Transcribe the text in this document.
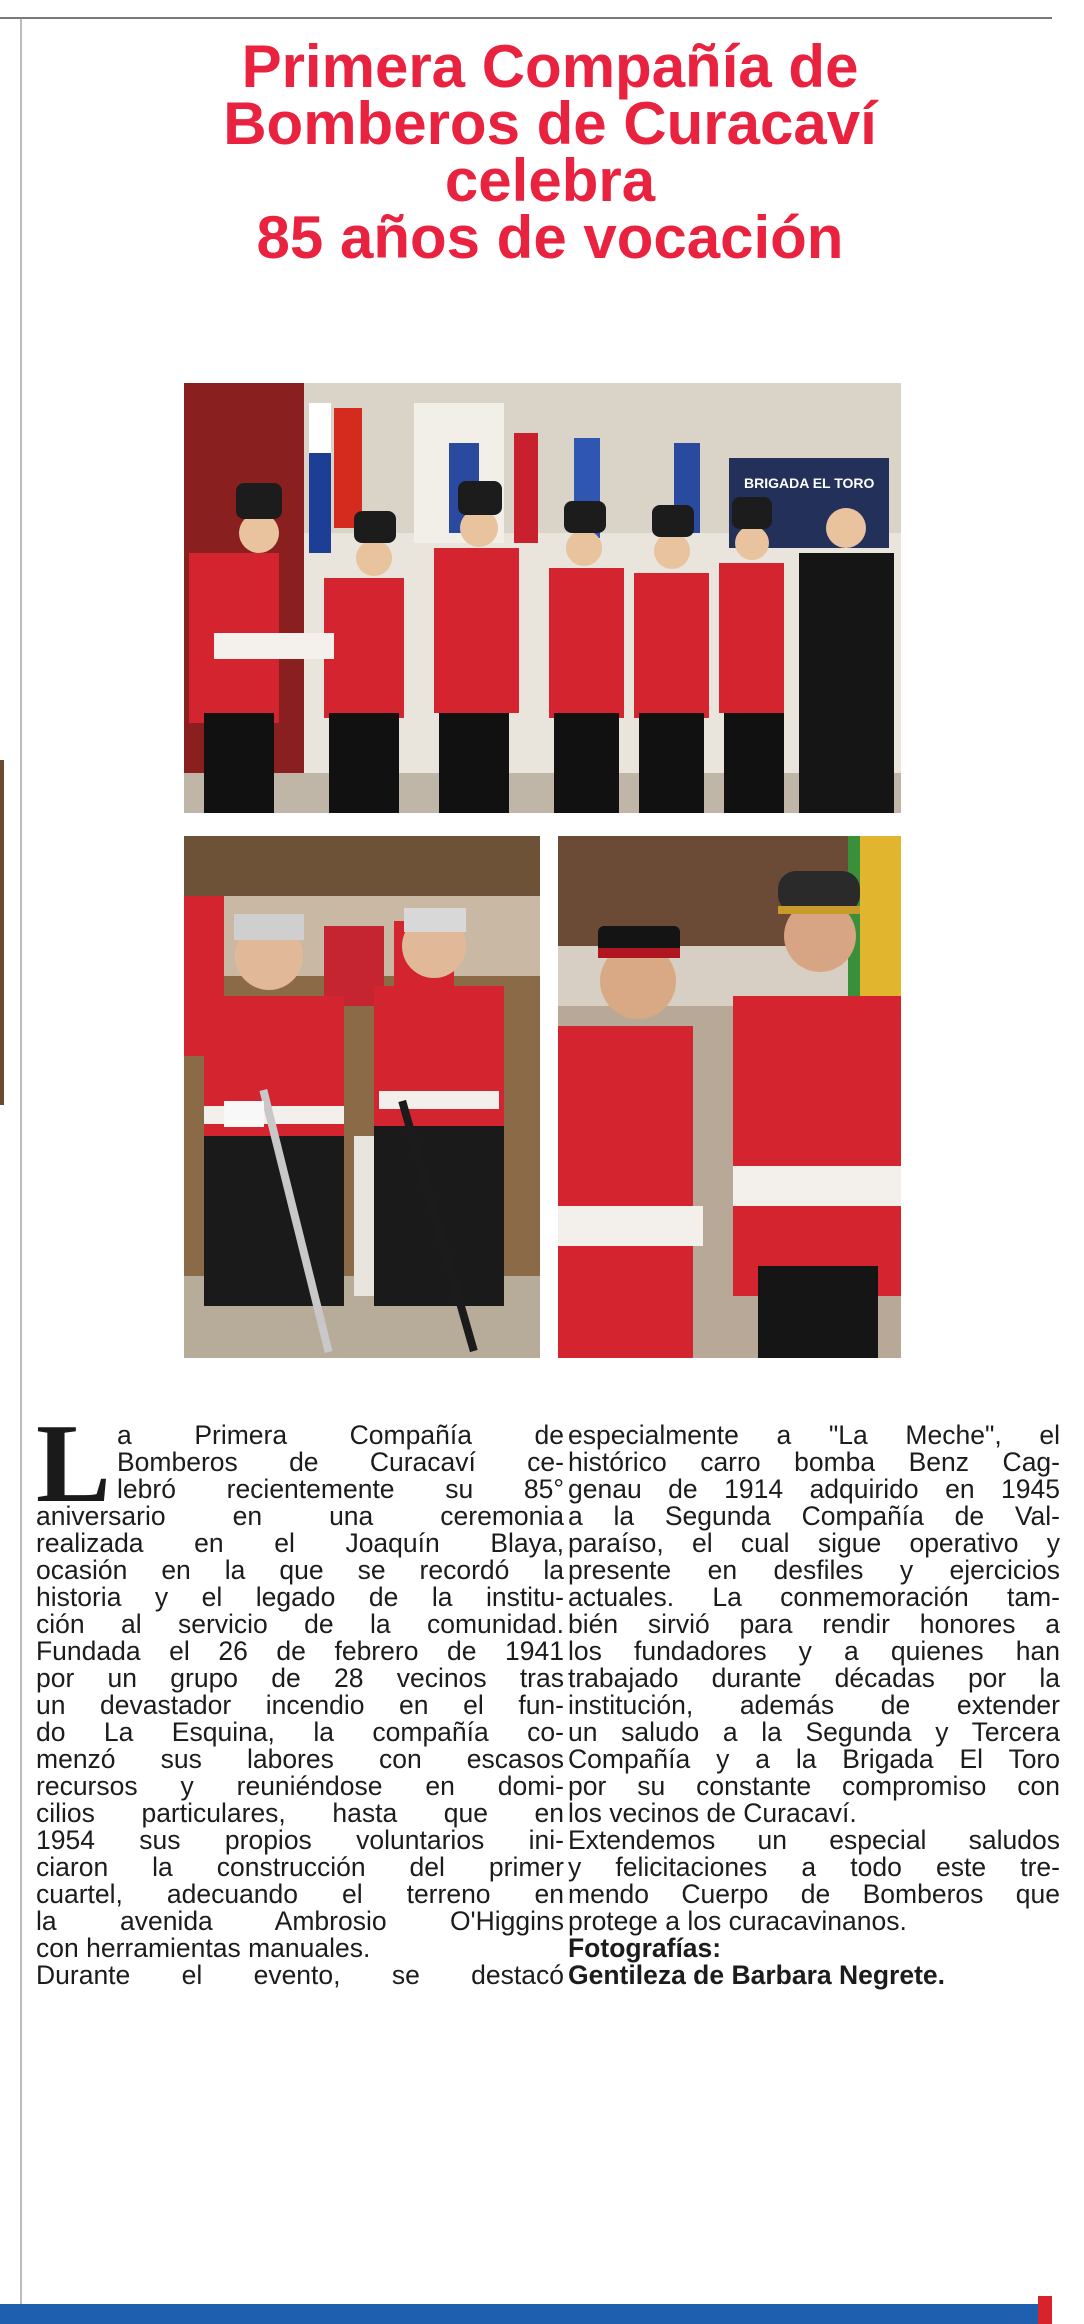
Primera Compañía de
Bomberos de Curacaví
celebra
85 años de vocación
BRIGADA EL TORO
L a Primera Compañía de
Bomberos de Curacaví ce-
lebró recientemente su 85°
aniversario en una ceremonia
realizada en el Joaquín Blaya,
ocasión en la que se recordó la
historia y el legado de la institu-
ción al servicio de la comunidad.
Fundada el 26 de febrero de 1941
por un grupo de 28 vecinos tras
un devastador incendio en el fun-
do La Esquina, la compañía co-
menzó sus labores con escasos
recursos y reuniéndose en domi-
cilios particulares, hasta que en
1954 sus propios voluntarios ini-
ciaron la construcción del primer
cuartel, adecuando el terreno en
la avenida Ambrosio O'Higgins
con herramientas manuales.
Durante el evento, se destacó
especialmente a "La Meche", el
histórico carro bomba Benz Cag-
genau de 1914 adquirido en 1945
a la Segunda Compañía de Val-
paraíso, el cual sigue operativo y
presente en desfiles y ejercicios
actuales. La conmemoración tam-
bién sirvió para rendir honores a
los fundadores y a quienes han
trabajado durante décadas por la
institución, además de extender
un saludo a la Segunda y Tercera
Compañía y a la Brigada El Toro
por su constante compromiso con
los vecinos de Curacaví.
Extendemos un especial saludos
y felicitaciones a todo este tre-
mendo Cuerpo de Bomberos que
protege a los curacavinanos.
Fotografías:
Gentileza de Barbara Negrete.
